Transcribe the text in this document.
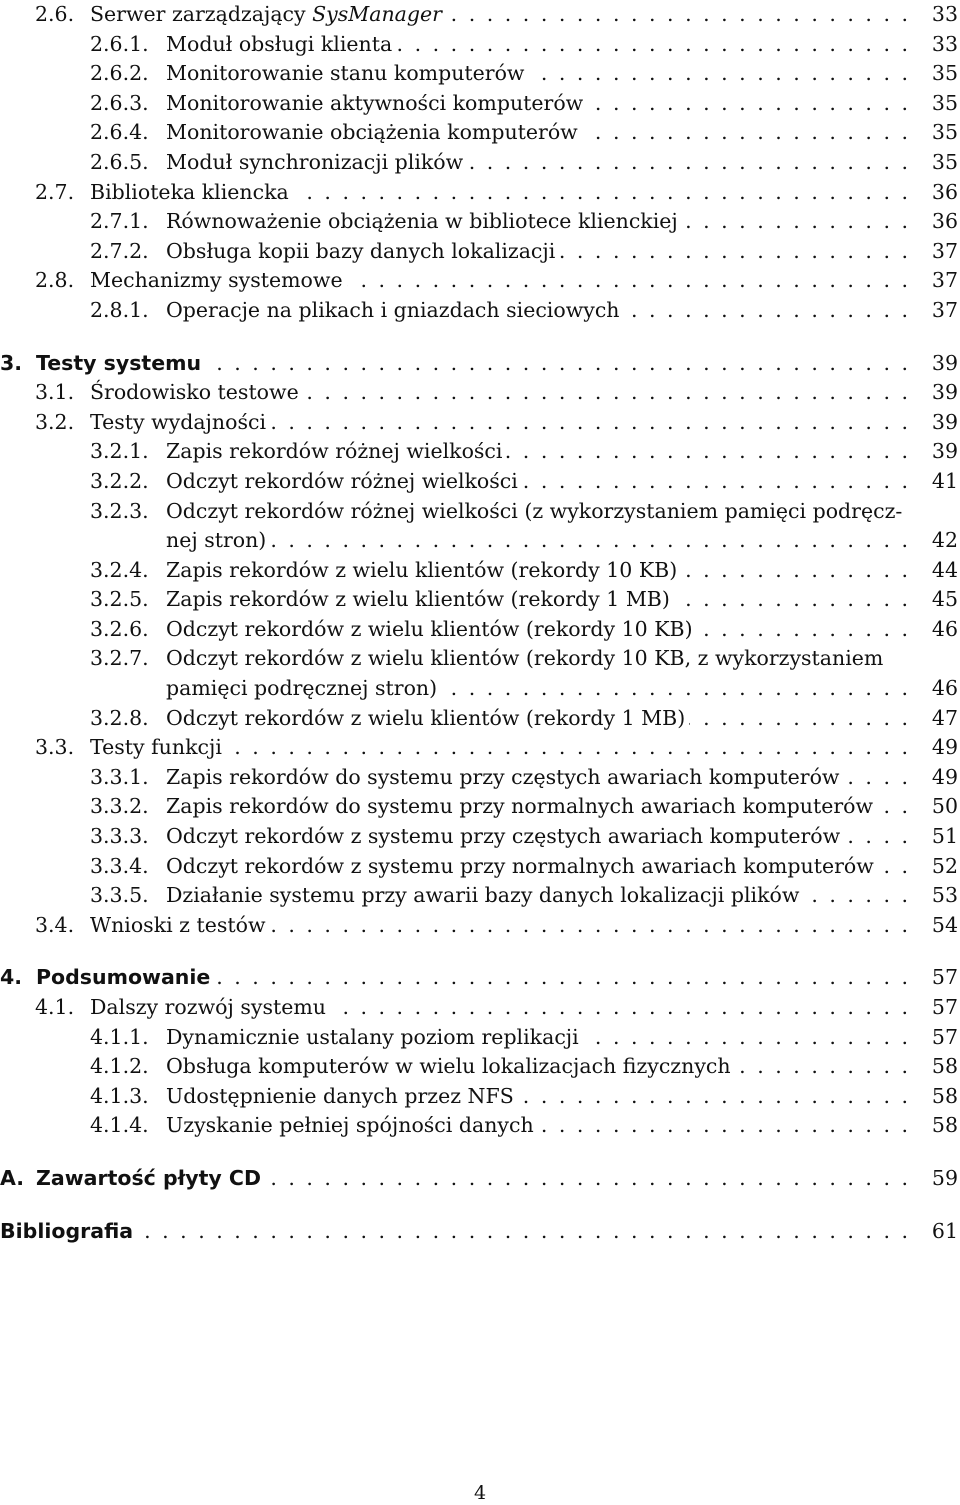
2.6. Serwer zarządzający SysManager . . .	33
2.6.1. Moduł obsługi klienta . . .	33
2.6.2. Monitorowanie stanu komputerów . . .	35
2.6.3. Monitorowanie aktywności komputerów . . .	35
2.6.4. Monitorowanie obciążenia komputerów . . .	35
2.6.5. Moduł synchronizacji plików . . .	35
2.7. Biblioteka kliencka . . .	36
2.7.1. Równoważenie obciążenia w bibliotece klienckiej . . .	36
2.7.2. Obsługa kopii bazy danych lokalizacji . . .	37
2.8. Mechanizmy systemowe . . .	37
2.8.1. Operacje na plikach i gniazdach sieciowych . . .	37
3. Testy systemu . . .	39
3.1. Środowisko testowe . . .	39
3.2. Testy wydajności . . .	39
3.2.1. Zapis rekordów różnej wielkości . . .	39
3.2.2. Odczyt rekordów różnej wielkości . . .	41
3.2.3. Odczyt rekordów różnej wielkości (z wykorzystaniem pamięci podręcz-
nej stron) . . .	42
3.2.4. Zapis rekordów z wielu klientów (rekordy 10 KB) . . .	44
3.2.5. Zapis rekordów z wielu klientów (rekordy 1 MB) . . .	45
3.2.6. Odczyt rekordów z wielu klientów (rekordy 10 KB) . . .	46
3.2.7. Odczyt rekordów z wielu klientów (rekordy 10 KB, z wykorzystaniem
pamięci podręcznej stron) . . .	46
3.2.8. Odczyt rekordów z wielu klientów (rekordy 1 MB) . . .	47
3.3. Testy funkcji . . .	49
3.3.1. Zapis rekordów do systemu przy częstych awariach komputerów . . .	49
3.3.2. Zapis rekordów do systemu przy normalnych awariach komputerów . . .	50
3.3.3. Odczyt rekordów z systemu przy częstych awariach komputerów . . .	51
3.3.4. Odczyt rekordów z systemu przy normalnych awariach komputerów . . .	52
3.3.5. Działanie systemu przy awarii bazy danych lokalizacji plików . . .	53
3.4. Wnioski z testów . . .	54
4. Podsumowanie . . .	57
4.1. Dalszy rozwój systemu . . .	57
4.1.1. Dynamicznie ustalany poziom replikacji . . .	57
4.1.2. Obsługa komputerów w wielu lokalizacjach fizycznych . . .	58
4.1.3. Udostępnienie danych przez NFS . . .	58
4.1.4. Uzyskanie pełniej spójności danych . . .	58
A. Zawartość płyty CD . . .	59
Bibliografia . . .	61
4
